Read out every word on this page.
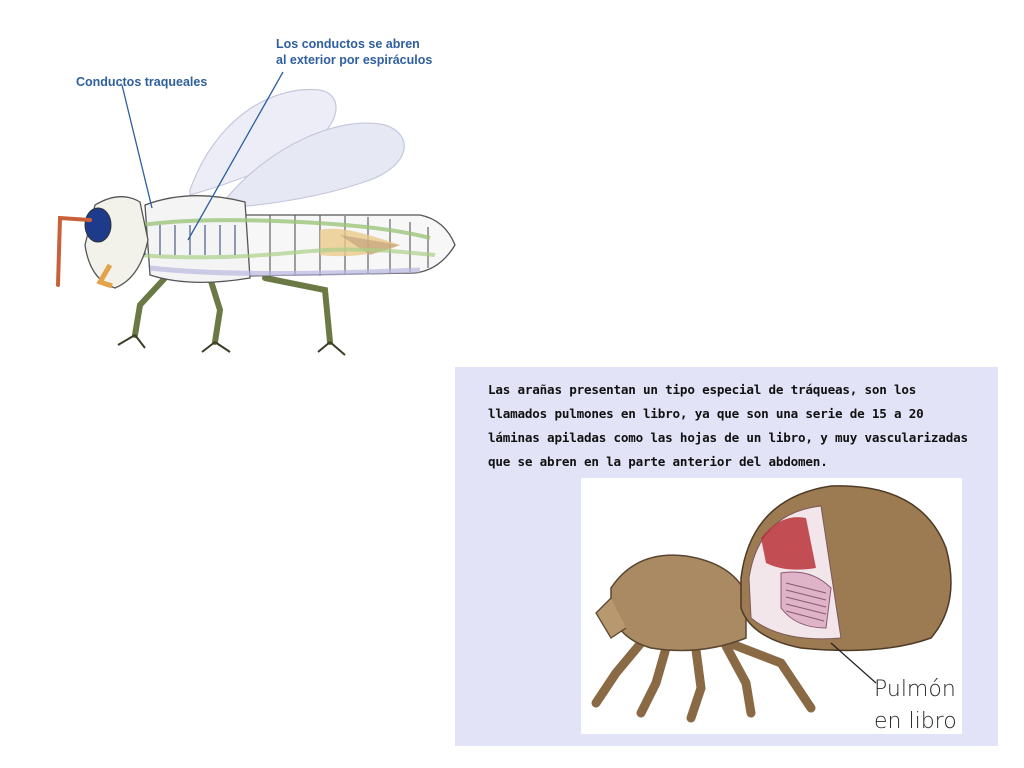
Conductos traqueales
Los conductos se abren
al exterior por espiráculos
Las arañas presentan un tipo especial de tráqueas, son los
llamados pulmones en libro, ya que son una serie de 15 a 20
láminas apiladas como las hojas de un libro, y muy vascularizadas
que se abren en la parte anterior del abdomen.
Pulmón
en libro
